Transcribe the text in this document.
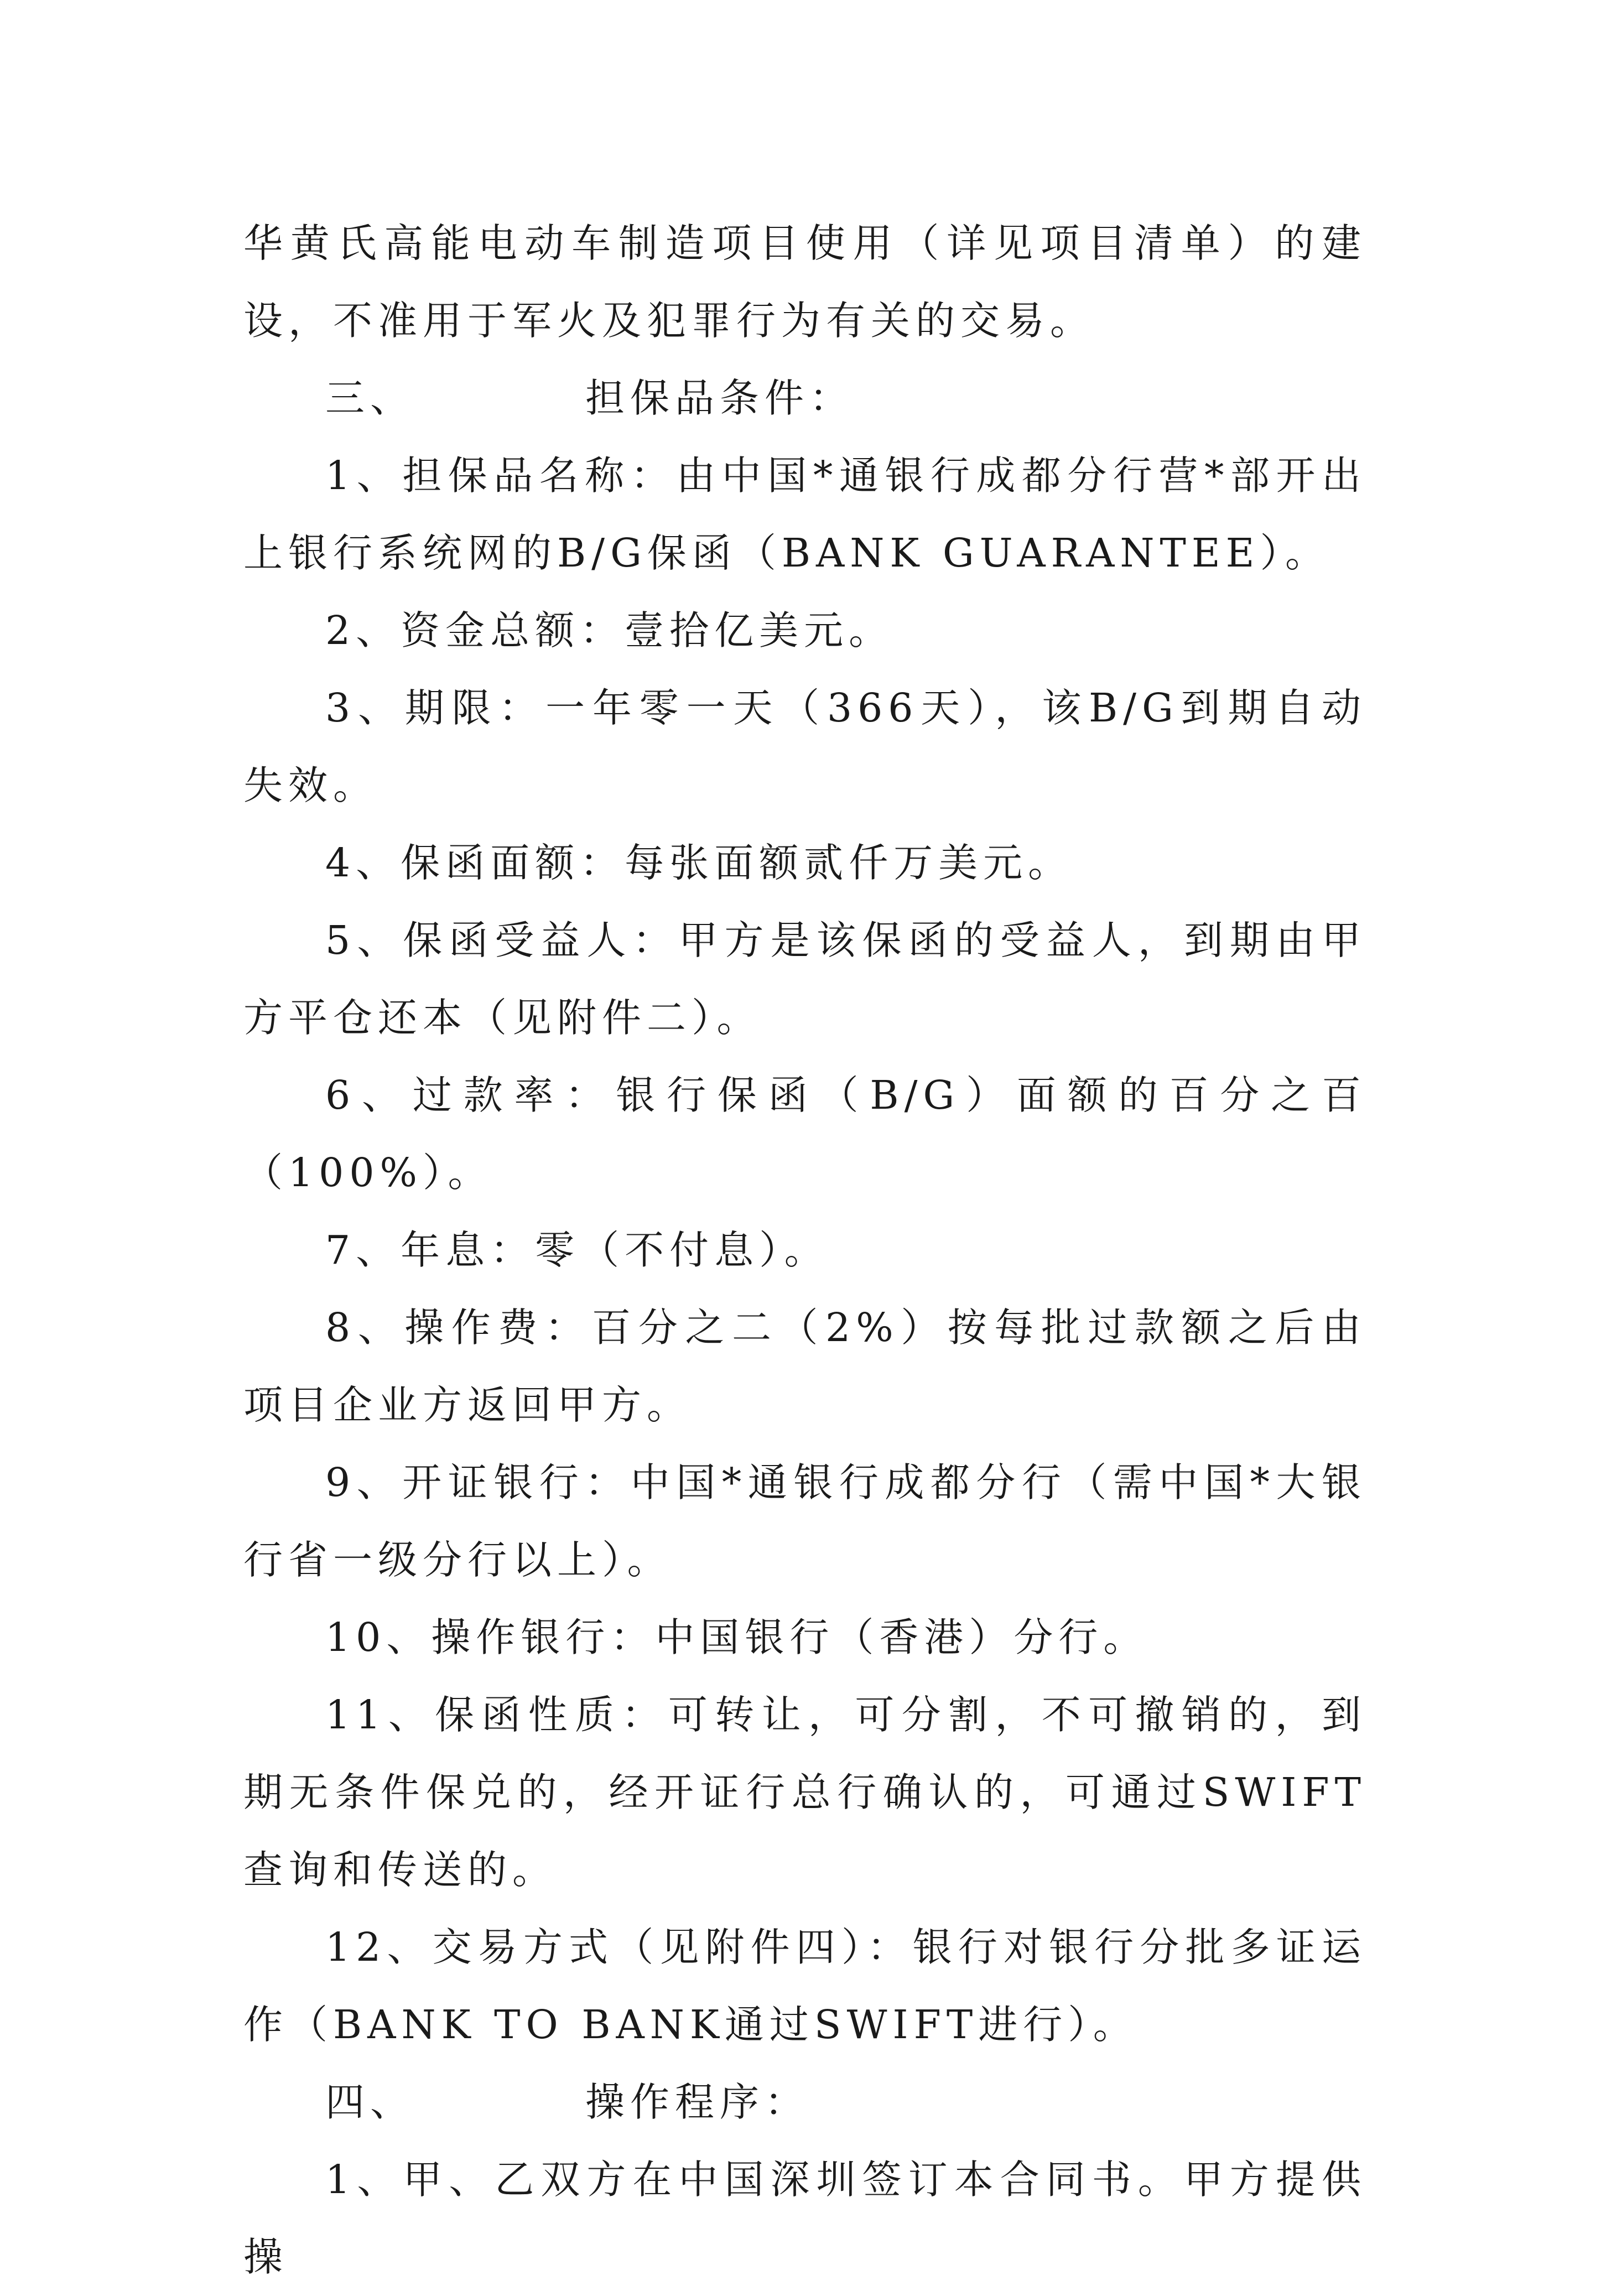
华黄氏高能电动车制造项目使用（详见项目清单）的建设，不准用于军火及犯罪行为有关的交易。

三、	担保品条件：

1、担保品名称：由中国*通银行成都分行营*部开出上银行系统网的B/G保函（BANK GUARANTEE）。

2、资金总额：壹拾亿美元。

3、期限：一年零一天（366天），该B/G到期自动失效。

4、保函面额：每张面额贰仟万美元。

5、保函受益人：甲方是该保函的受益人，到期由甲方平仓还本（见附件二）。

6、过款率：银行保函（B/G）面额的百分之百（100%）。

7、年息：零（不付息）。

8、操作费：百分之二（2%）按每批过款额之后由项目企业方返回甲方。

9、开证银行：中国*通银行成都分行（需中国*大银行省一级分行以上）。

10、操作银行：中国银行（香港）分行。

11、保函性质：可转让，可分割，不可撤销的，到期无条件保兑的，经开证行总行确认的，可通过SWIFT查询和传送的。

12、交易方式（见附件四）：银行对银行分批多证运作（BANK TO BANK通过SWIFT进行）。

四、	操作程序：

1、甲、乙双方在中国深圳签订本合同书。甲方提供操
